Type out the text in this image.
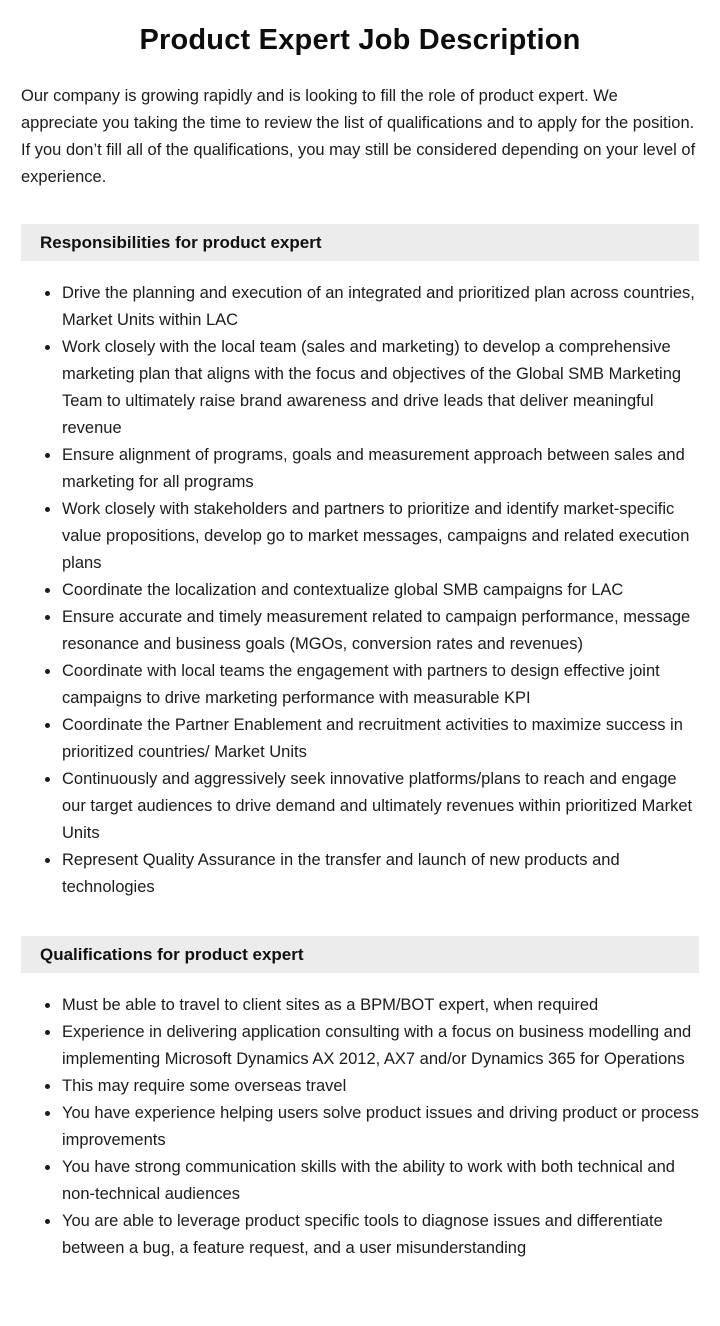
Product Expert Job Description

Our company is growing rapidly and is looking to fill the role of product expert. We appreciate you taking the time to review the list of qualifications and to apply for the position. If you don’t fill all of the qualifications, you may still be considered depending on your level of experience.

Responsibilities for product expert
• Drive the planning and execution of an integrated and prioritized plan across countries, Market Units within LAC
• Work closely with the local team (sales and marketing) to develop a comprehensive marketing plan that aligns with the focus and objectives of the Global SMB Marketing Team to ultimately raise brand awareness and drive leads that deliver meaningful revenue
• Ensure alignment of programs, goals and measurement approach between sales and marketing for all programs
• Work closely with stakeholders and partners to prioritize and identify market-specific value propositions, develop go to market messages, campaigns and related execution plans
• Coordinate the localization and contextualize global SMB campaigns for LAC
• Ensure accurate and timely measurement related to campaign performance, message resonance and business goals (MGOs, conversion rates and revenues)
• Coordinate with local teams the engagement with partners to design effective joint campaigns to drive marketing performance with measurable KPI
• Coordinate the Partner Enablement and recruitment activities to maximize success in prioritized countries/ Market Units
• Continuously and aggressively seek innovative platforms/plans to reach and engage our target audiences to drive demand and ultimately revenues within prioritized Market Units
• Represent Quality Assurance in the transfer and launch of new products and technologies
Qualifications for product expert
• Must be able to travel to client sites as a BPM/BOT expert, when required
• Experience in delivering application consulting with a focus on business modelling and implementing Microsoft Dynamics AX 2012, AX7 and/or Dynamics 365 for Operations
• This may require some overseas travel
• You have experience helping users solve product issues and driving product or process improvements
• You have strong communication skills with the ability to work with both technical and non-technical audiences
• You are able to leverage product specific tools to diagnose issues and differentiate between a bug, a feature request, and a user misunderstanding
